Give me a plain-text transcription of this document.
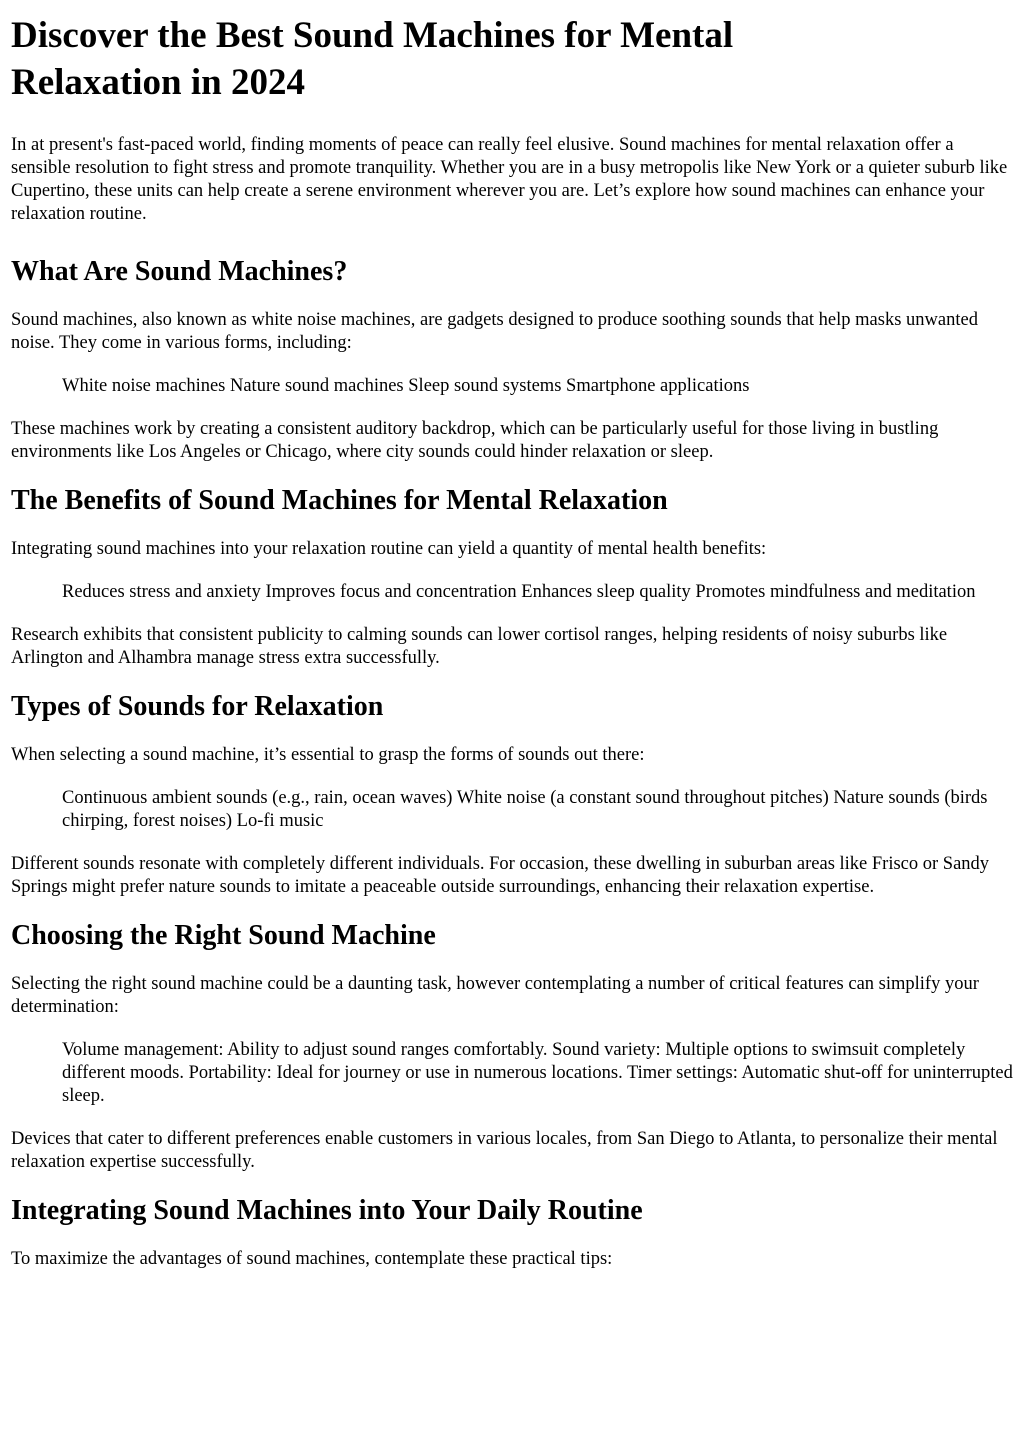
Discover the Best Sound Machines for Mental Relaxation in 2024

In at present's fast-paced world, finding moments of peace can really feel elusive. Sound machines for mental relaxation offer a sensible resolution to fight stress and promote tranquility. Whether you are in a busy metropolis like New York or a quieter suburb like Cupertino, these units can help create a serene environment wherever you are. Let’s explore how sound machines can enhance your relaxation routine.

What Are Sound Machines?

Sound machines, also known as white noise machines, are gadgets designed to produce soothing sounds that help masks unwanted noise. They come in various forms, including:

White noise machines Nature sound machines Sleep sound systems Smartphone applications

These machines work by creating a consistent auditory backdrop, which can be particularly useful for those living in bustling environments like Los Angeles or Chicago, where city sounds could hinder relaxation or sleep.

The Benefits of Sound Machines for Mental Relaxation

Integrating sound machines into your relaxation routine can yield a quantity of mental health benefits:

Reduces stress and anxiety Improves focus and concentration Enhances sleep quality Promotes mindfulness and meditation

Research exhibits that consistent publicity to calming sounds can lower cortisol ranges, helping residents of noisy suburbs like Arlington and Alhambra manage stress extra successfully.

Types of Sounds for Relaxation

When selecting a sound machine, it’s essential to grasp the forms of sounds out there:

Continuous ambient sounds (e.g., rain, ocean waves) White noise (a constant sound throughout pitches) Nature sounds (birds chirping, forest noises) Lo-fi music

Different sounds resonate with completely different individuals. For occasion, these dwelling in suburban areas like Frisco or Sandy Springs might prefer nature sounds to imitate a peaceable outside surroundings, enhancing their relaxation expertise.

Choosing the Right Sound Machine

Selecting the right sound machine could be a daunting task, however contemplating a number of critical features can simplify your determination:

Volume management: Ability to adjust sound ranges comfortably. Sound variety: Multiple options to swimsuit completely different moods. Portability: Ideal for journey or use in numerous locations. Timer settings: Automatic shut-off for uninterrupted sleep.

Devices that cater to different preferences enable customers in various locales, from San Diego to Atlanta, to personalize their mental relaxation expertise successfully.

Integrating Sound Machines into Your Daily Routine

To maximize the advantages of sound machines, contemplate these practical tips:
